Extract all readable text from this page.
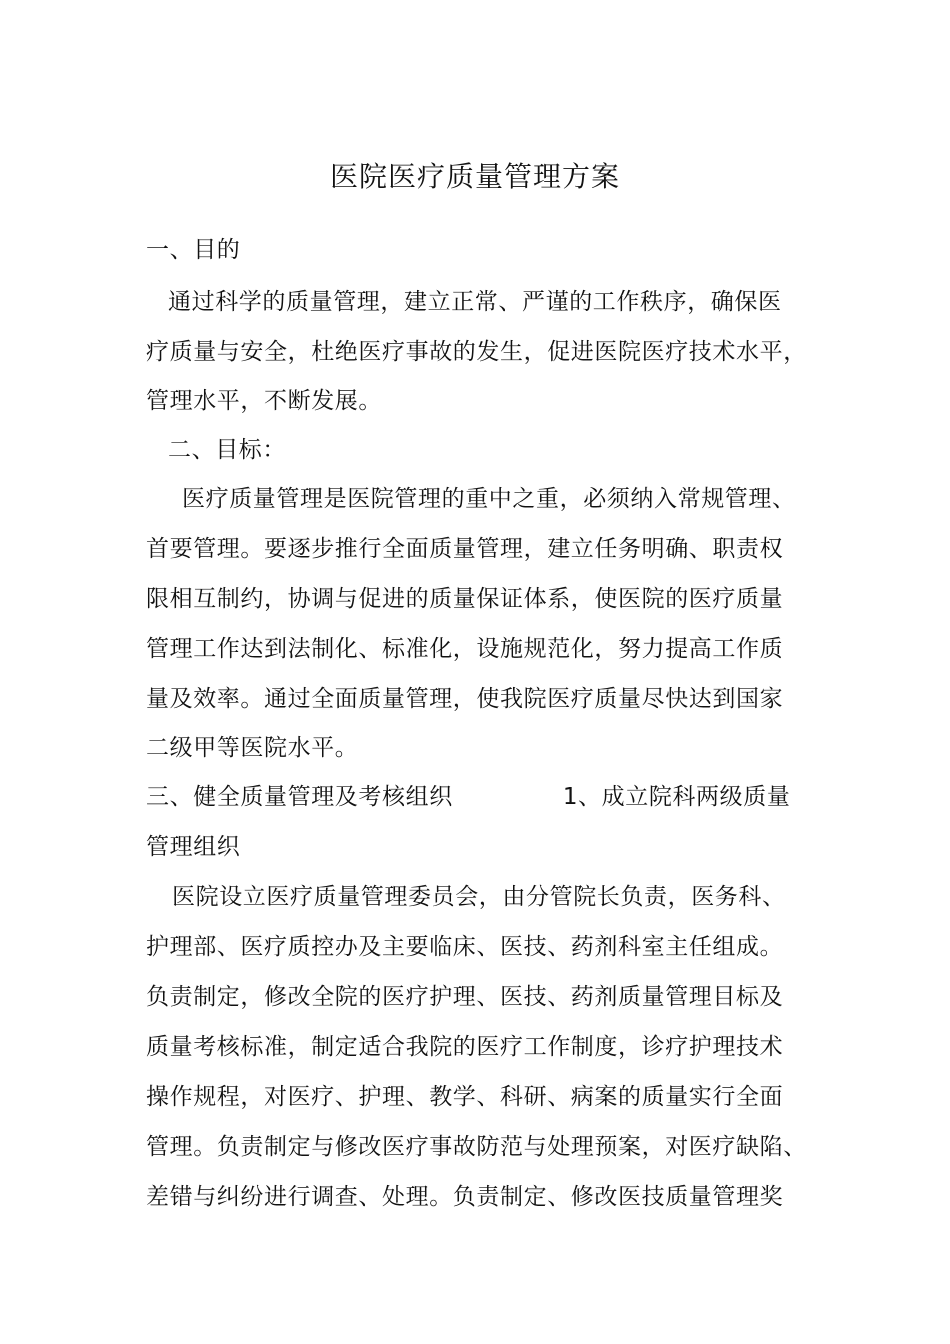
医院医疗质量管理方案
一、目的
通过科学的质量管理，建立正常、严谨的工作秩序，确保医
疗质量与安全，杜绝医疗事故的发生，促进医院医疗技术水平，
管理水平，不断发展。
二、目标：
医疗质量管理是医院管理的重中之重，必须纳入常规管理、
首要管理。要逐步推行全面质量管理，建立任务明确、职责权
限相互制约，协调与促进的质量保证体系，使医院的医疗质量
管理工作达到法制化、标准化，设施规范化，努力提高工作质
量及效率。通过全面质量管理，使我院医疗质量尽快达到国家
二级甲等医院水平。
三、健全质量管理及考核组织	1、成立院科两级质量
管理组织
医院设立医疗质量管理委员会，由分管院长负责，医务科、
护理部、医疗质控办及主要临床、医技、药剂科室主任组成。
负责制定，修改全院的医疗护理、医技、药剂质量管理目标及
质量考核标准，制定适合我院的医疗工作制度，诊疗护理技术
操作规程，对医疗、护理、教学、科研、病案的质量实行全面
管理。负责制定与修改医疗事故防范与处理预案，对医疗缺陷、
差错与纠纷进行调查、处理。负责制定、修改医技质量管理奖
